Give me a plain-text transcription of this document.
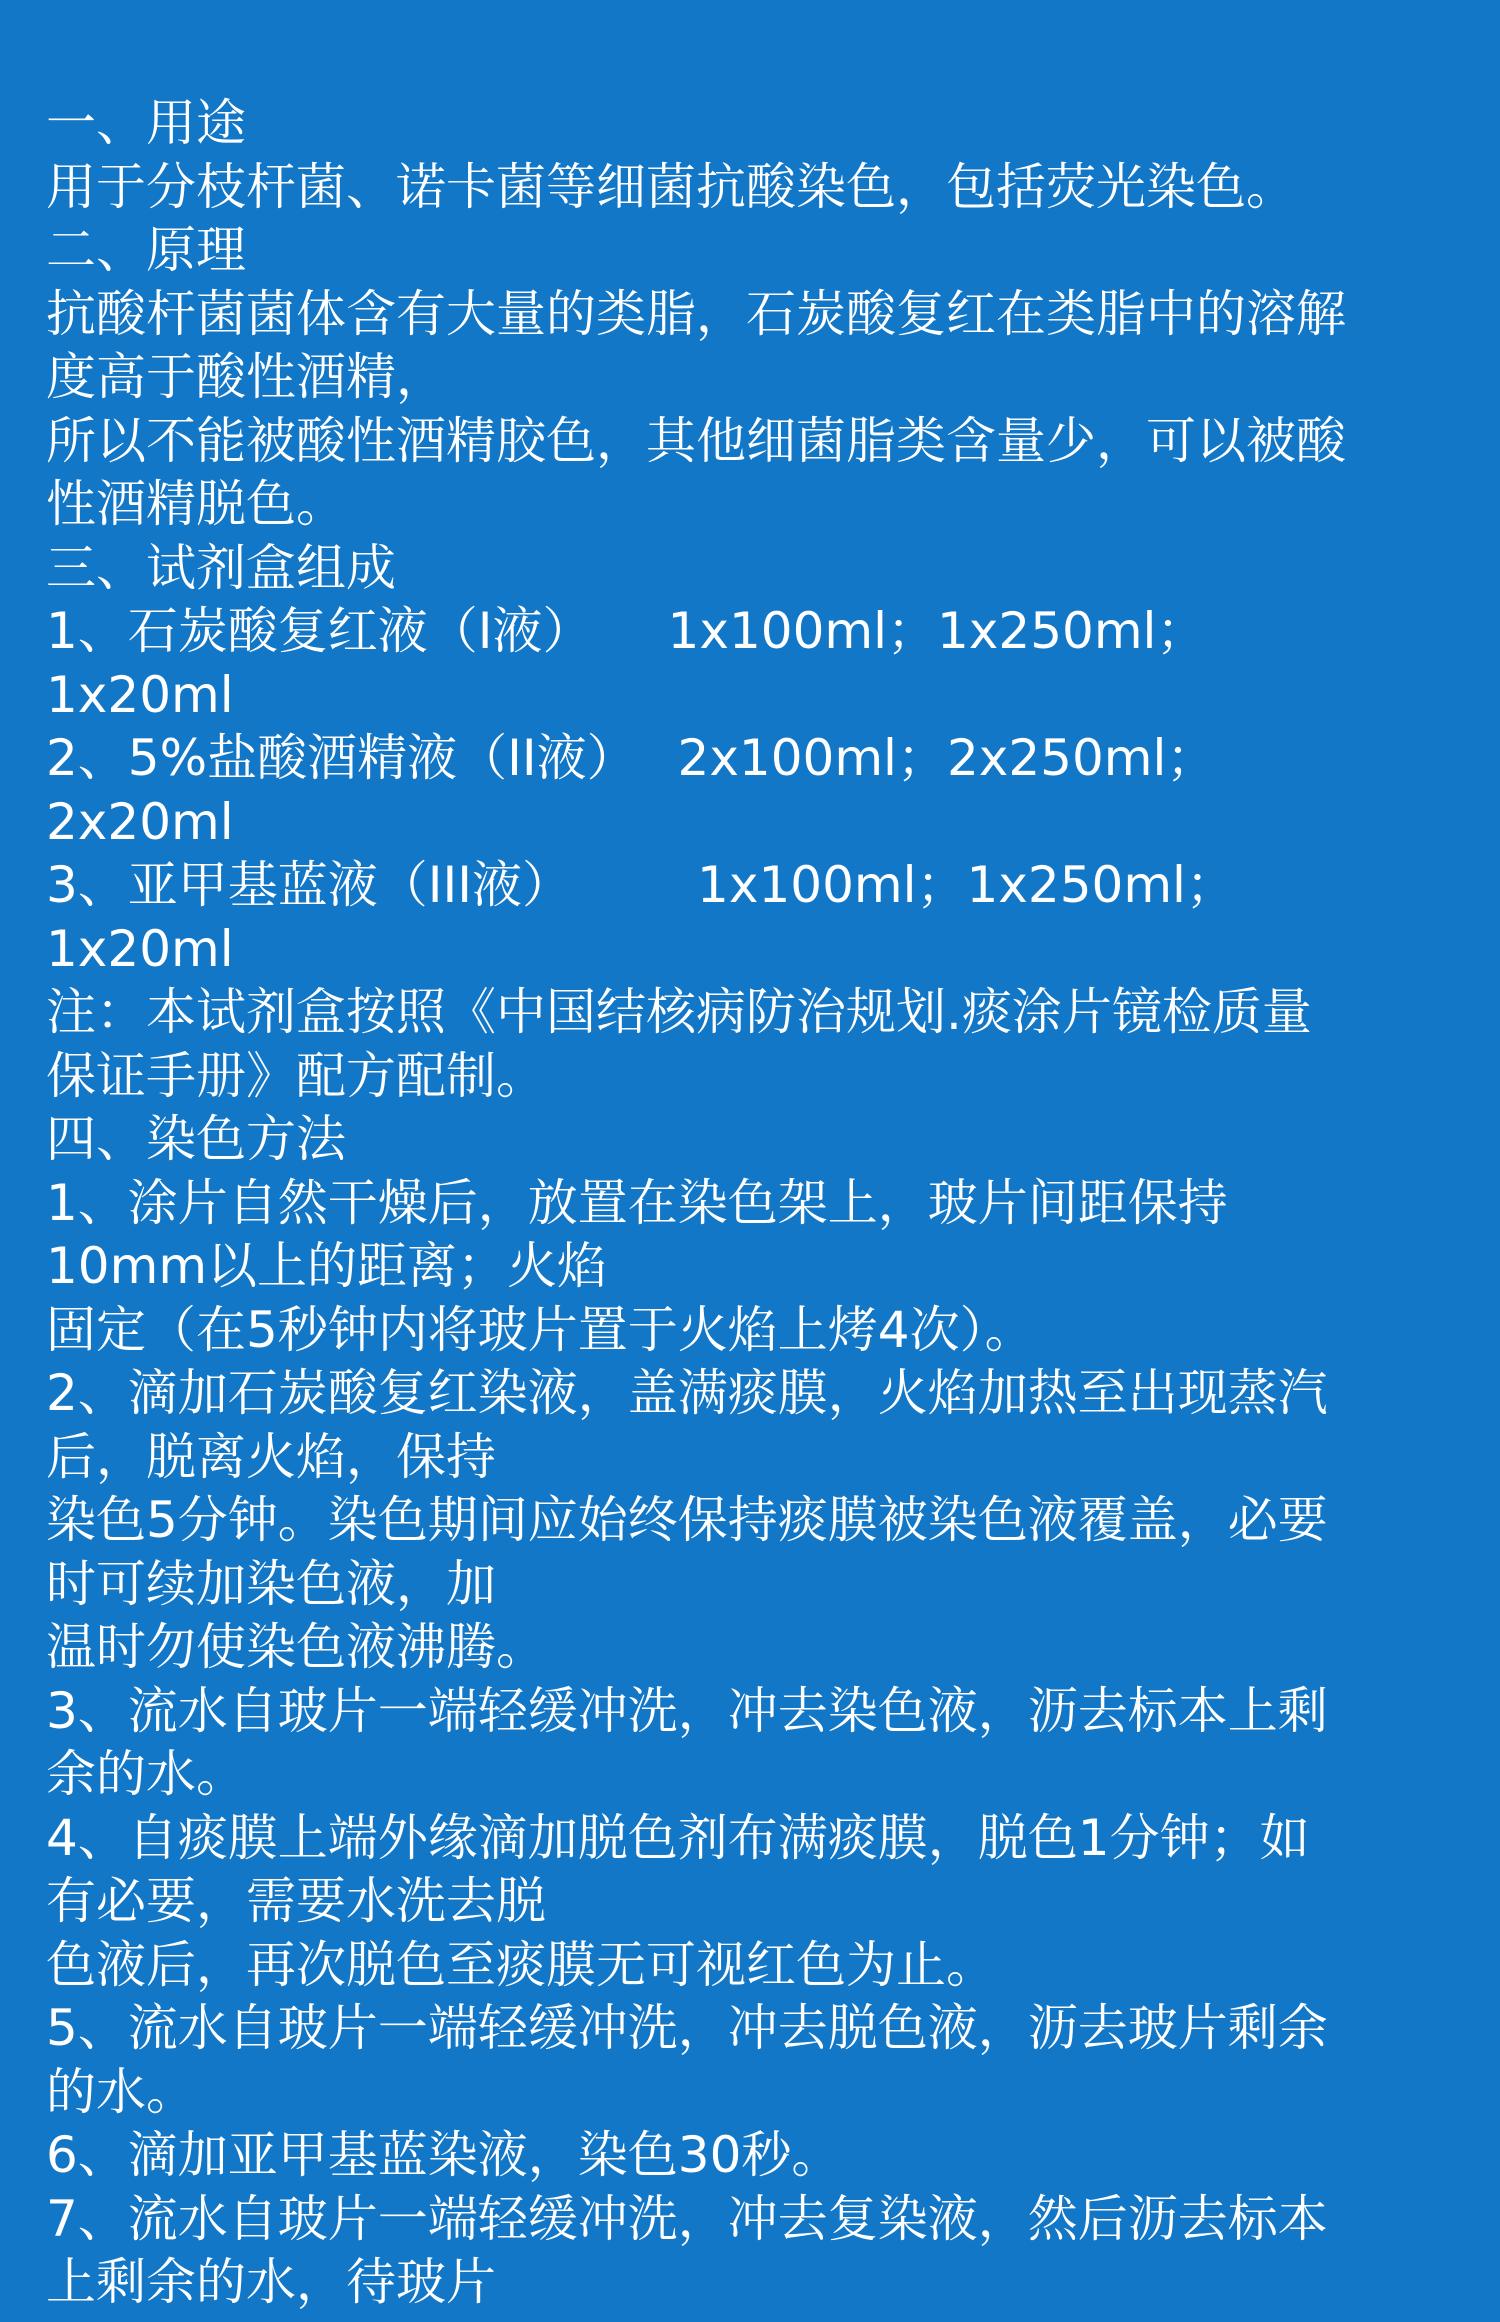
一、用途
用于分枝杆菌、诺卡菌等细菌抗酸染色，包括荧光染色。
二、原理
抗酸杆菌菌体含有大量的类脂，石炭酸复红在类脂中的溶解
度高于酸性酒精，
所以不能被酸性酒精胶色，其他细菌脂类含量少，可以被酸
性酒精脱色。
三、试剂盒组成
1、石炭酸复红液（I液）　　1x100ml；1x250ml；
1x20ml
2、5%盐酸酒精液（II液）　 2x100ml；2x250ml；
2x20ml
3、亚甲基蓝液（III液）　　　1x100ml；1x250ml；
1x20ml
注：本试剂盒按照《中国结核病防治规划.痰涂片镜检质量
保证手册》配方配制。
四、染色方法
1、涂片自然干燥后，放置在染色架上，玻片间距保持
10mm以上的距离；火焰
固定（在5秒钟内将玻片置于火焰上烤4次）。
2、滴加石炭酸复红染液，盖满痰膜，火焰加热至出现蒸汽
后，脱离火焰，保持
染色5分钟。染色期间应始终保持痰膜被染色液覆盖，必要
时可续加染色液，加
温时勿使染色液沸腾。
3、流水自玻片一端轻缓冲洗，冲去染色液，沥去标本上剩
余的水。
4、自痰膜上端外缘滴加脱色剂布满痰膜，脱色1分钟；如
有必要，需要水洗去脱
色液后，再次脱色至痰膜无可视红色为止。
5、流水自玻片一端轻缓冲洗，冲去脱色液，沥去玻片剩余
的水。
6、滴加亚甲基蓝染液，染色30秒。
7、流水自玻片一端轻缓冲洗，冲去复染液，然后沥去标本
上剩余的水，待玻片
